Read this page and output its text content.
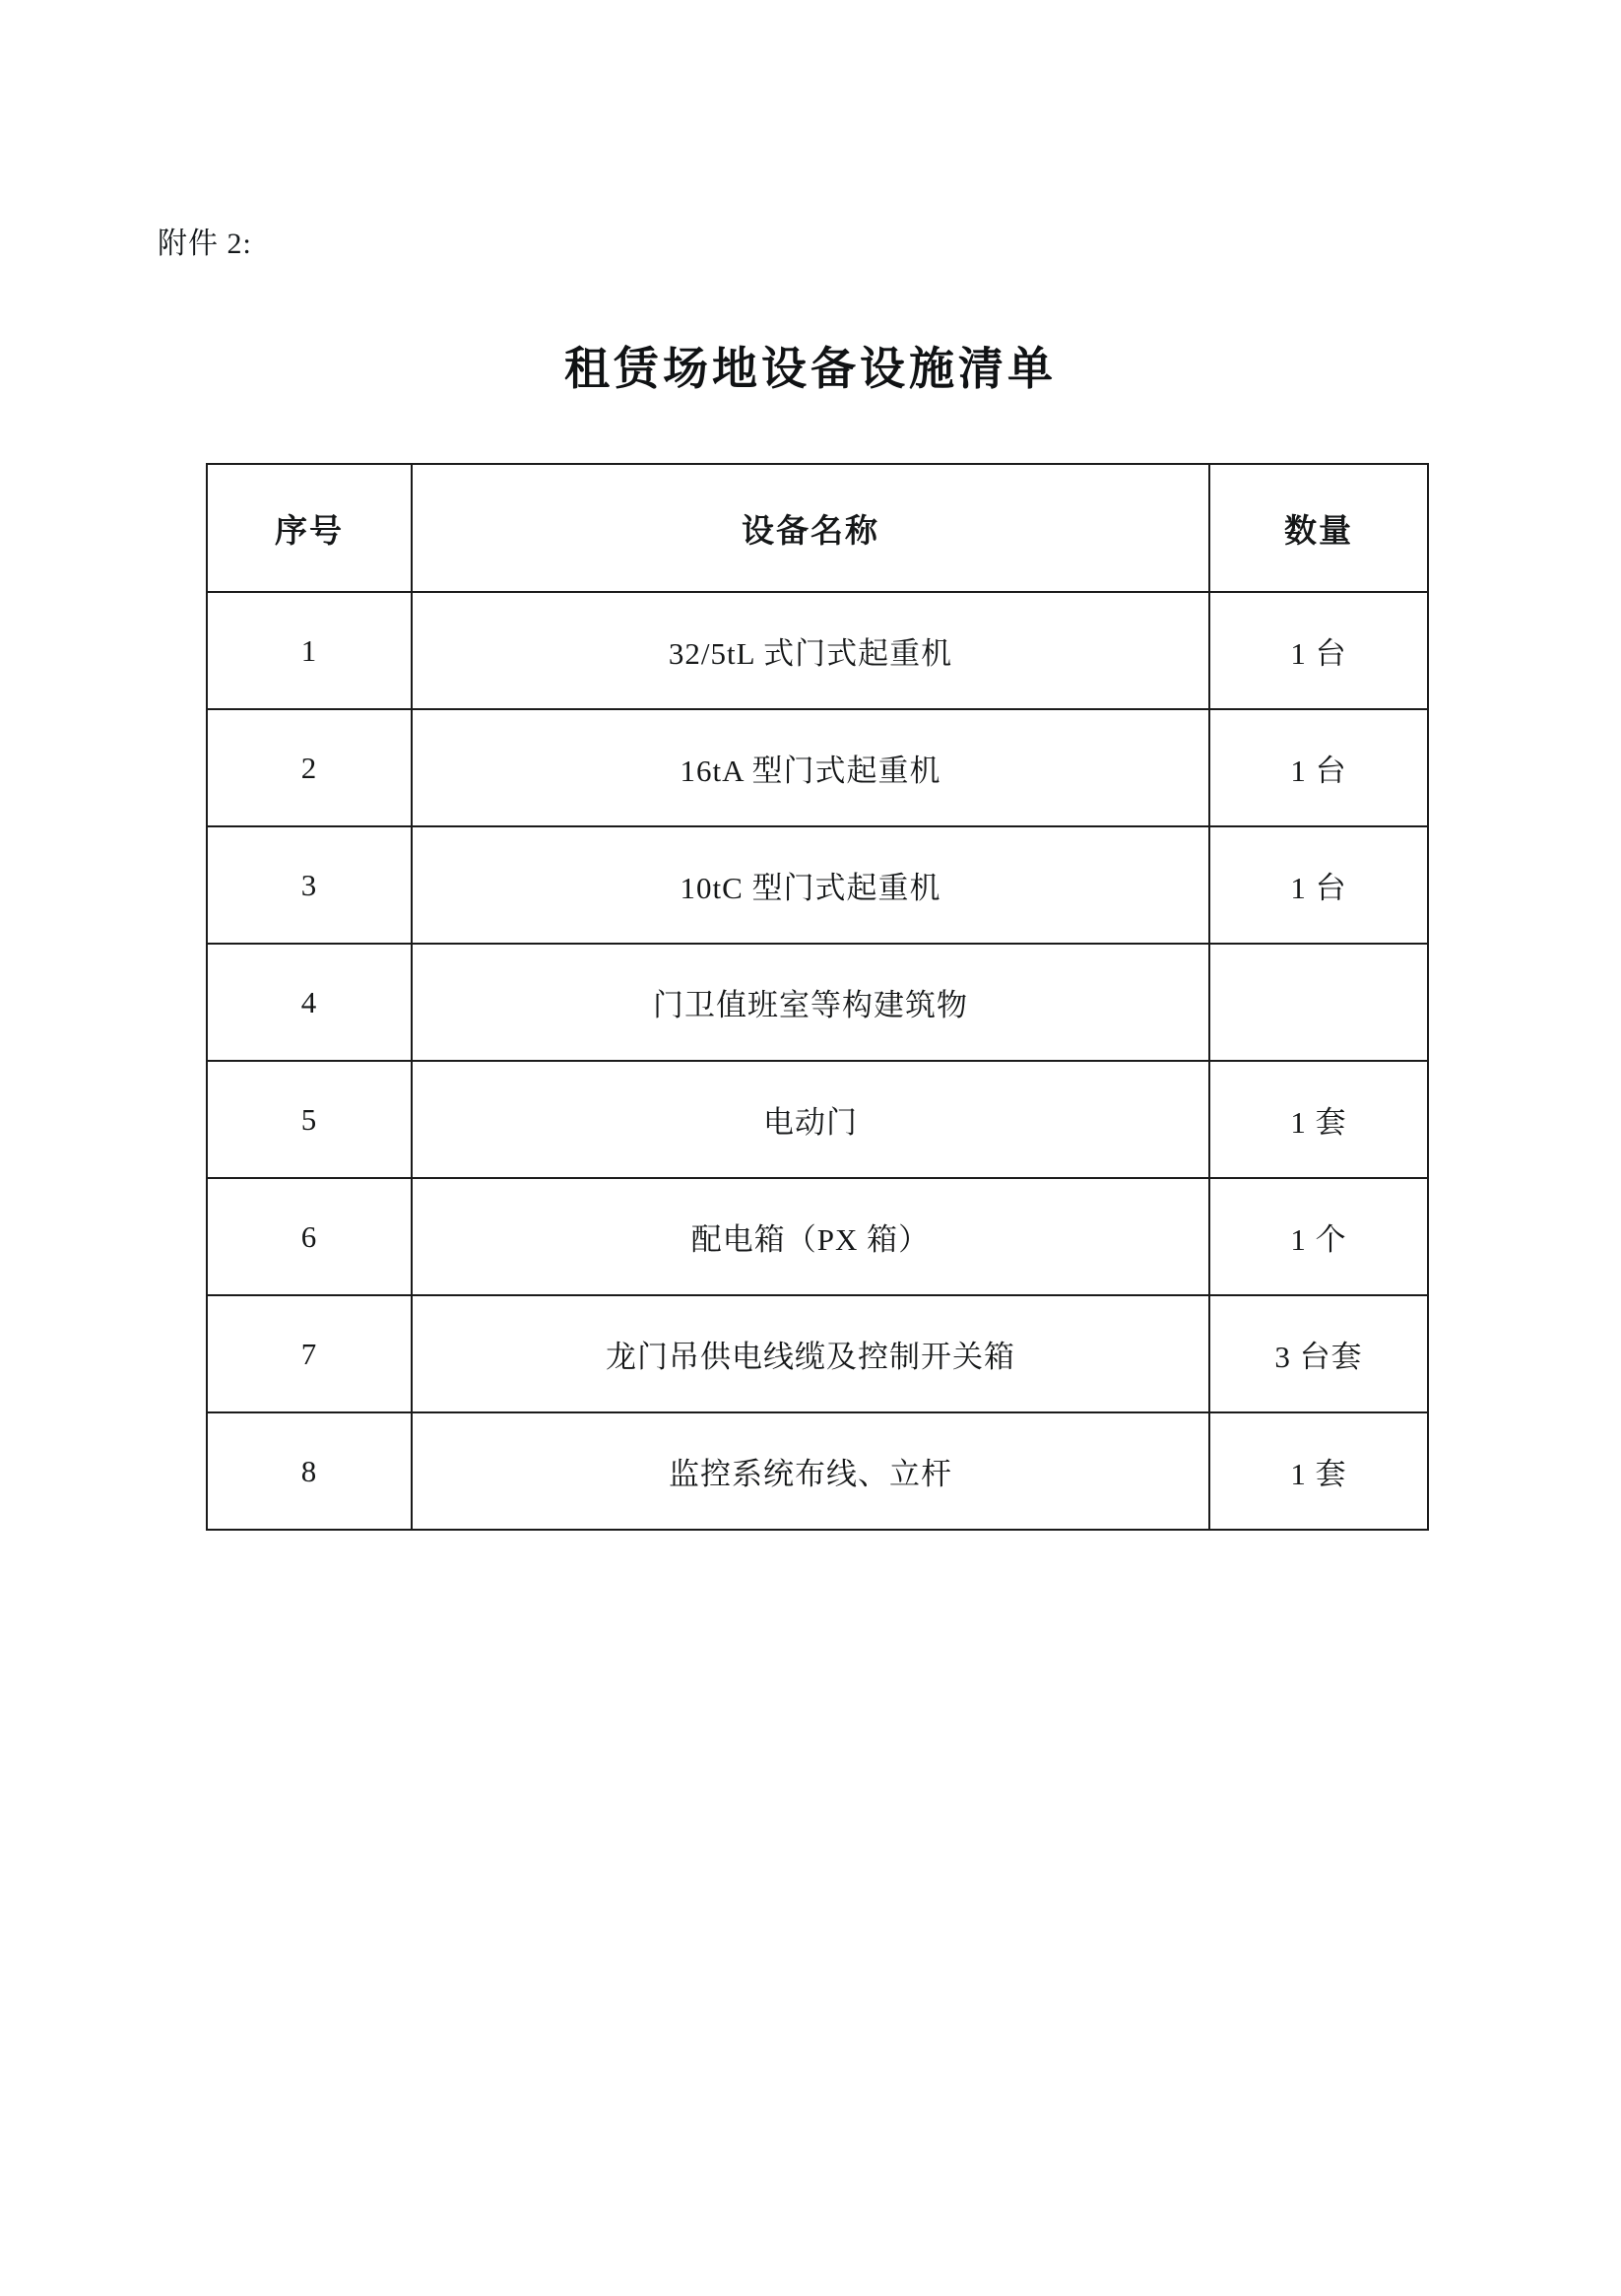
附件 2:
租赁场地设备设施清单
序号	设备名称	数量
1	32/5tL 式门式起重机	1 台
2	16tA 型门式起重机	1 台
3	10tC 型门式起重机	1 台
4	门卫值班室等构建筑物	
5	电动门	1 套
6	配电箱（PX 箱）	1 个
7	龙门吊供电线缆及控制开关箱	3 台套
8	监控系统布线、立杆	1 套
